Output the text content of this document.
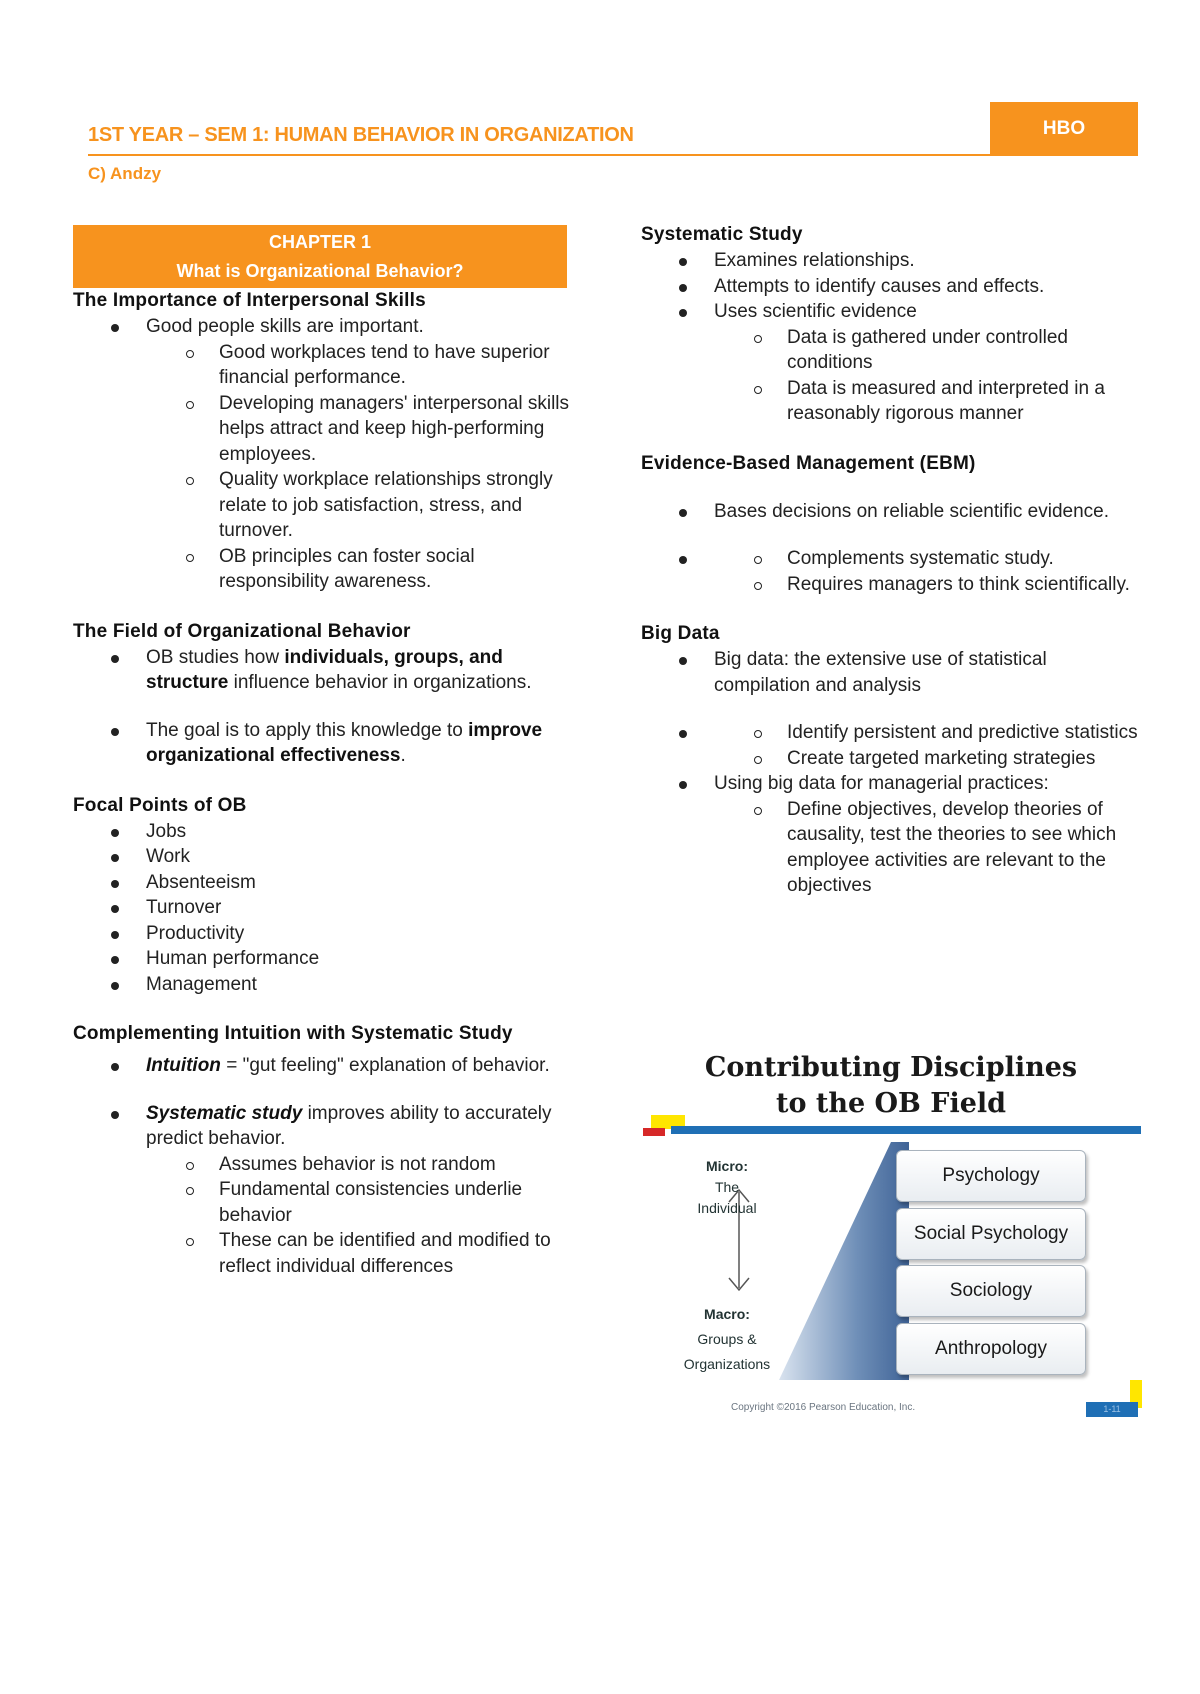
1ST YEAR – SEM 1: HUMAN BEHAVIOR IN ORGANIZATION	HBO
C) Andzy
CHAPTER 1
What is Organizational Behavior?
The Importance of Interpersonal Skills
Good people skills are important.
Good workplaces tend to have superior financial performance.
Developing managers' interpersonal skills helps attract and keep high-performing employees.
Quality workplace relationships strongly relate to job satisfaction, stress, and turnover.
OB principles can foster social responsibility awareness.
The Field of Organizational Behavior
OB studies how individuals, groups, and structure influence behavior in organizations.
The goal is to apply this knowledge to improve organizational effectiveness.
Focal Points of OB
Jobs
Work
Absenteeism
Turnover
Productivity
Human performance
Management
Complementing Intuition with Systematic Study
Intuition = "gut feeling" explanation of behavior.
Systematic study improves ability to accurately predict behavior.
Assumes behavior is not random
Fundamental consistencies underlie behavior
These can be identified and modified to reflect individual differences
Systematic Study
Examines relationships.
Attempts to identify causes and effects.
Uses scientific evidence
Data is gathered under controlled conditions
Data is measured and interpreted in a reasonably rigorous manner
Evidence-Based Management (EBM)
Bases decisions on reliable scientific evidence.
Complements systematic study.
Requires managers to think scientifically.
Big Data
Big data: the extensive use of statistical compilation and analysis
Identify persistent and predictive statistics
Create targeted marketing strategies
Using big data for managerial practices:
Define objectives, develop theories of causality, test the theories to see which employee activities are relevant to the objectives
Contributing Disciplines
to the OB Field
Micro:
The
Individual
Macro:
Groups &
Organizations
Psychology
Social Psychology
Sociology
Anthropology
Copyright ©2016 Pearson Education, Inc.	1-11
